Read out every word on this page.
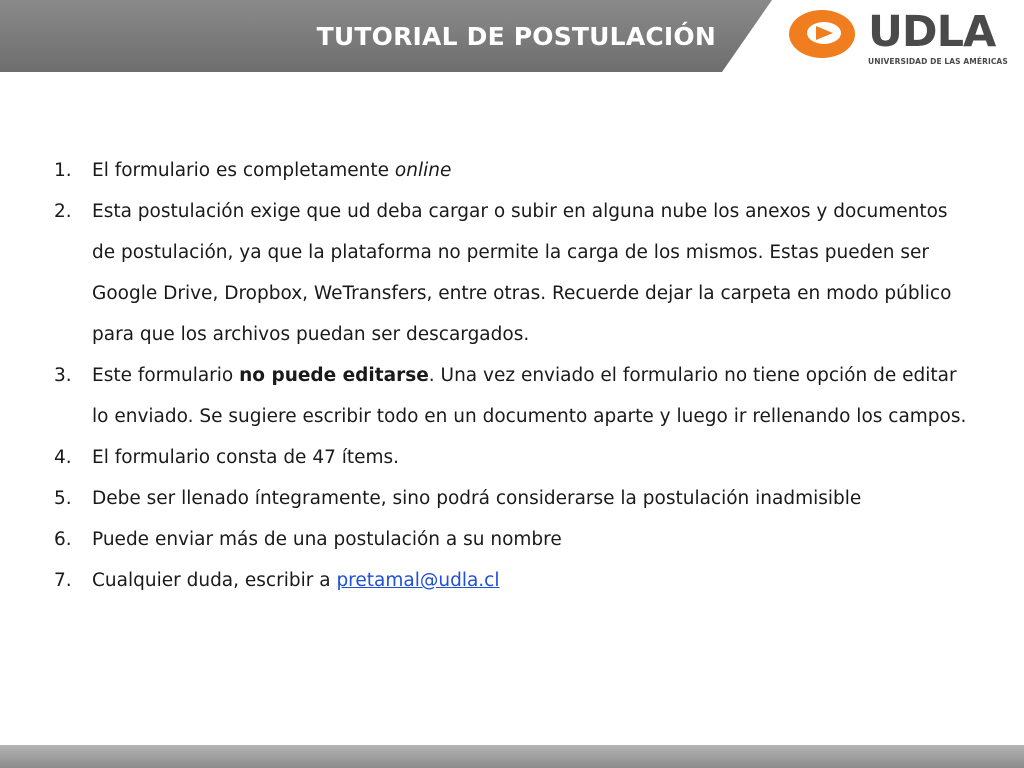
TUTORIAL DE POSTULACIÓN	UDLA
UNIVERSIDAD DE LAS AMÉRICAS
1. El formulario es completamente online
2. Esta postulación exige que ud deba cargar o subir en alguna nube los anexos y documentos de postulación, ya que la plataforma no permite la carga de los mismos. Estas pueden ser Google Drive, Dropbox, WeTransfers, entre otras. Recuerde dejar la carpeta en modo público para que los archivos puedan ser descargados.
3. Este formulario no puede editarse. Una vez enviado el formulario no tiene opción de editar lo enviado. Se sugiere escribir todo en un documento aparte y luego ir rellenando los campos.
4. El formulario consta de 47 ítems.
5. Debe ser llenado íntegramente, sino podrá considerarse la postulación inadmisible
6. Puede enviar más de una postulación a su nombre
7. Cualquier duda, escribir a pretamal@udla.cl
